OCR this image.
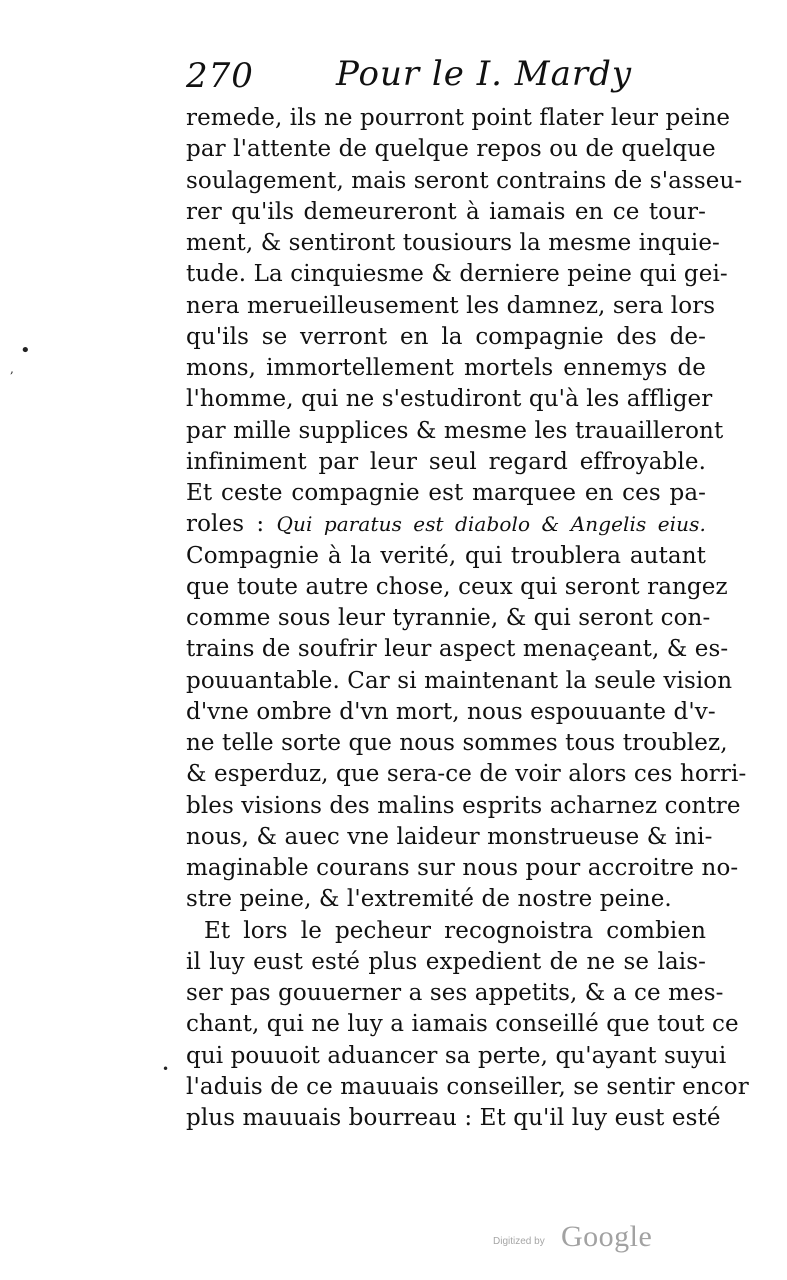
270 Pour le I. Mardy
remede, ils ne pourront point flater leur peine
par l'attente de quelque repos ou de quelque
soulagement, mais seront contrains de s'asseu-
rer qu'ils demeureront à iamais en ce tour-
ment, & sentiront tousiours la mesme inquie-
tude. La cinquiesme & derniere peine qui gei-
nera merueilleusement les damnez, sera lors
qu'ils se verront en la compagnie des de-
mons, immortellement mortels ennemys de
l'homme, qui ne s'estudiront qu'à les affliger
par mille supplices & mesme les trauailleront
infiniment par leur seul regard effroyable.
Et ceste compagnie est marquee en ces pa-
roles : Qui paratus est diabolo & Angelis eius.
Compagnie à la verité, qui troublera autant
que toute autre chose, ceux qui seront rangez
comme sous leur tyrannie, & qui seront con-
trains de soufrir leur aspect menaçeant, & es-
pouuantable. Car si maintenant la seule vision
d'vne ombre d'vn mort, nous espouuante d'v-
ne telle sorte que nous sommes tous troublez,
& esperduz, que sera-ce de voir alors ces horri-
bles visions des malins esprits acharnez contre
nous, & auec vne laideur monstrueuse & ini-
maginable courans sur nous pour accroitre no-
stre peine, & l'extremité de nostre peine.
Et lors le pecheur recognoistra combien
il luy eust esté plus expedient de ne se lais-
ser pas gouuerner a ses appetits, & a ce mes-
chant, qui ne luy a iamais conseillé que tout ce
qui pouuoit aduancer sa perte, qu'ayant suyui
l'aduis de ce mauuais conseiller, se sentir encor
plus mauuais bourreau : Et qu'il luy eust esté
•
,
•
Digitized by Google
